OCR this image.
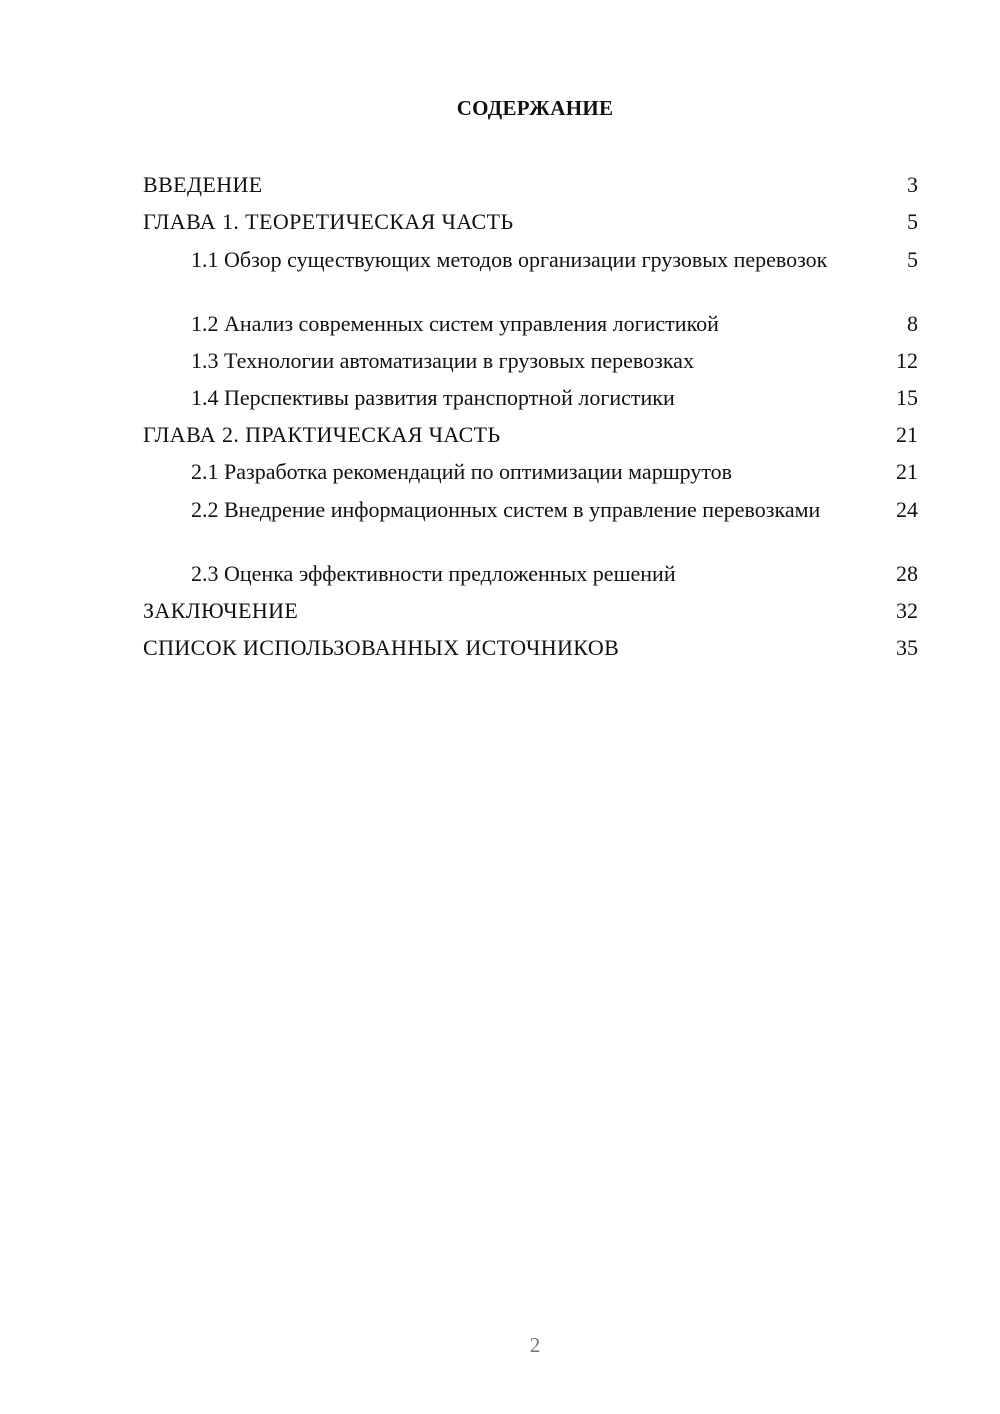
СОДЕРЖАНИЕ
ВВЕДЕНИЕ	3
ГЛАВА 1. ТЕОРЕТИЧЕСКАЯ ЧАСТЬ	5
1.1 Обзор существующих методов организации грузовых перевозок	5
1.2 Анализ современных систем управления логистикой	8
1.3 Технологии автоматизации в грузовых перевозках	12
1.4 Перспективы развития транспортной логистики	15
ГЛАВА 2. ПРАКТИЧЕСКАЯ ЧАСТЬ	21
2.1 Разработка рекомендаций по оптимизации маршрутов	21
2.2 Внедрение информационных систем в управление перевозками	24
2.3 Оценка эффективности предложенных решений	28
ЗАКЛЮЧЕНИЕ	32
СПИСОК ИСПОЛЬЗОВАННЫХ ИСТОЧНИКОВ	35
2
